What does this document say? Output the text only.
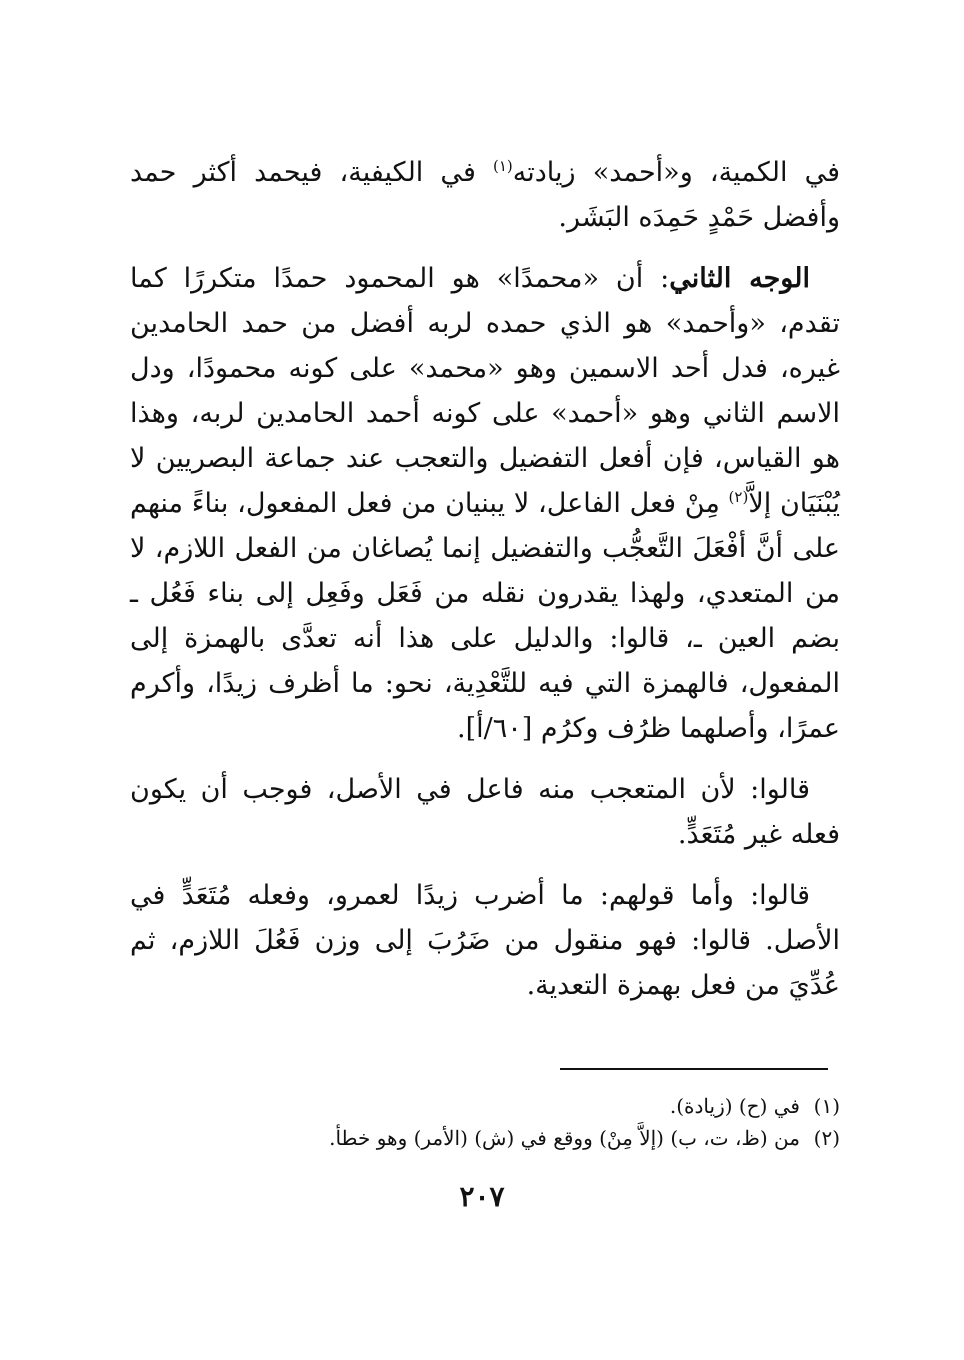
في الكمية، و«أحمد» زيادته$^{(١)}$ في الكيفية، فيحمد أكثر حمد وأفضل حَمْدٍ حَمِدَه البَشَر.

الوجه الثاني: أن «محمدًا» هو المحمود حمدًا متكررًا كما تقدم، «وأحمد» هو الذي حمده لربه أفضل من حمد الحامدين غيره، فدل أحد الاسمين وهو «محمد» على كونه محمودًا، ودل الاسم الثاني وهو «أحمد» على كونه أحمد الحامدين لربه، وهذا هو القياس، فإن أفعل التفضيل والتعجب عند جماعة البصريين لا يُبْنَيَان إلاَّ$^{(٢)}$ مِنْ فعل الفاعل، لا يبنيان من فعل المفعول، بناءً منهم على أنَّ أفْعَلَ التَّعجُّب والتفضيل إنما يُصاغان من الفعل اللازم، لا من المتعدي، ولهذا يقدرون نقله من فَعَل وفَعِل إلى بناء فَعُل ـ بضم العين ـ، قالوا: والدليل على هذا أنه تعدَّى بالهمزة إلى المفعول، فالهمزة التي فيه للتَّعْدِية، نحو: ما أظرف زيدًا، وأكرم عمرًا، وأصلهما ظرُف وكرُم [٦٠/أ].

قالوا: لأن المتعجب منه فاعل في الأصل، فوجب أن يكون فعله غير مُتَعَدٍّ.

قالوا: وأما قولهم: ما أضرب زيدًا لعمرو، وفعله مُتَعَدٍّ في الأصل. قالوا: فهو منقول من ضَرُبَ إلى وزن فَعُلَ اللازم، ثم عُدِّيَ من فعل بهمزة التعدية.

(١)في (ح) (زيادة).

(٢)من (ظ، ت، ب) (إلاَّ مِنْ) ووقع في (ش) (الأمر) وهو خطأ.

٢٠٧
